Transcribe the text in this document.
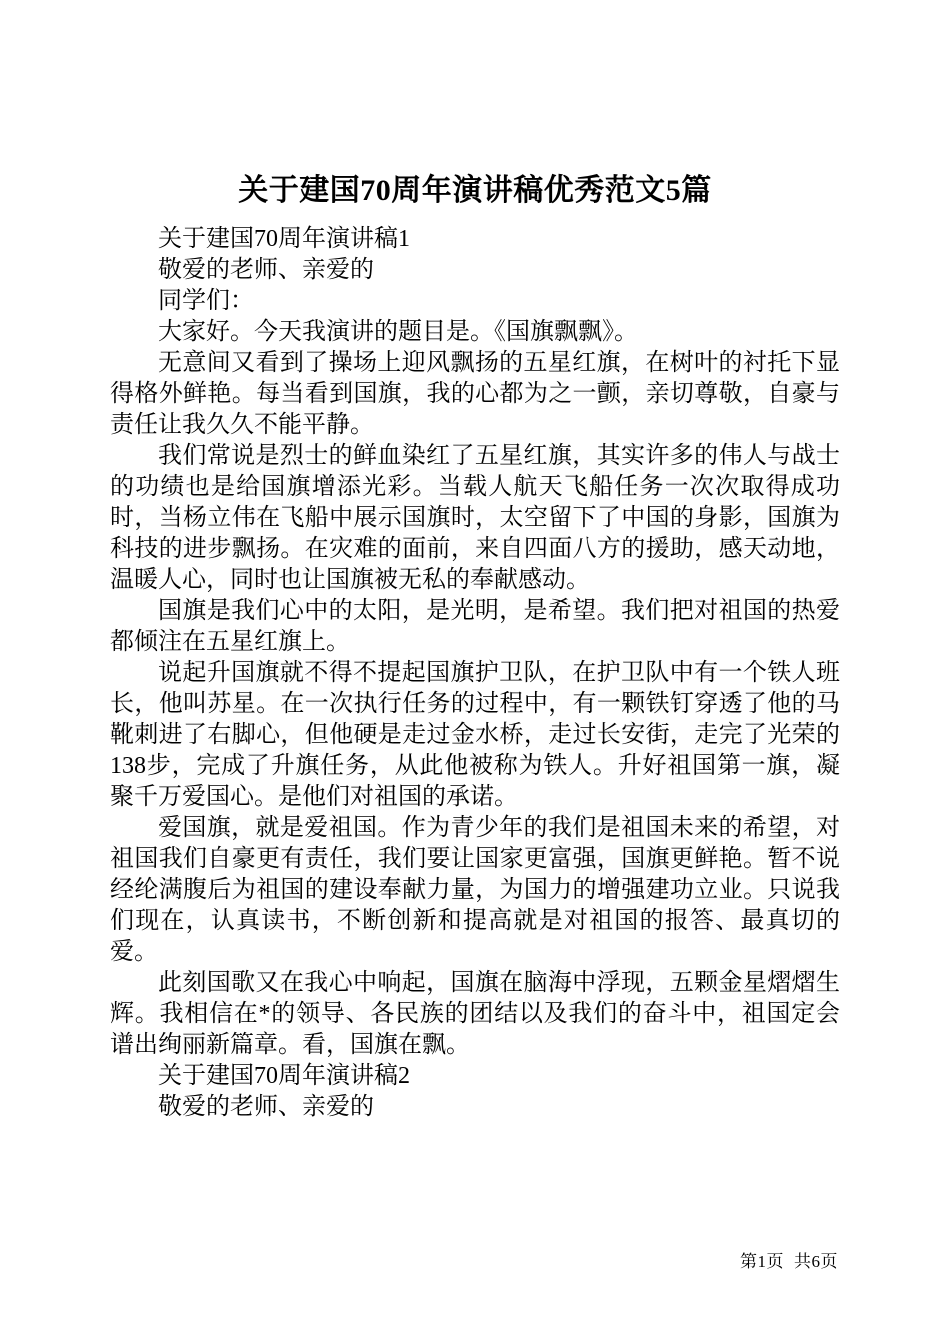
关于建国70周年演讲稿优秀范文5篇

关于建国70周年演讲稿1

敬爱的老师、亲爱的

同学们：

大家好。今天我演讲的题目是。《国旗飘飘》。

无意间又看到了操场上迎风飘扬的五星红旗，在树叶的衬托下显得格外鲜艳。每当看到国旗，我的心都为之一颤，亲切尊敬，自豪与责任让我久久不能平静。

我们常说是烈士的鲜血染红了五星红旗，其实许多的伟人与战士的功绩也是给国旗增添光彩。当载人航天飞船任务一次次取得成功时，当杨立伟在飞船中展示国旗时，太空留下了中国的身影，国旗为科技的进步飘扬。在灾难的面前，来自四面八方的援助，感天动地，温暖人心，同时也让国旗被无私的奉献感动。

国旗是我们心中的太阳，是光明，是希望。我们把对祖国的热爱都倾注在五星红旗上。

说起升国旗就不得不提起国旗护卫队，在护卫队中有一个铁人班长，他叫苏星。在一次执行任务的过程中，有一颗铁钉穿透了他的马靴刺进了右脚心，但他硬是走过金水桥，走过长安街，走完了光荣的138步，完成了升旗任务，从此他被称为铁人。升好祖国第一旗，凝聚千万爱国心。是他们对祖国的承诺。

爱国旗，就是爱祖国。作为青少年的我们是祖国未来的希望，对祖国我们自豪更有责任，我们要让国家更富强，国旗更鲜艳。暂不说经纶满腹后为祖国的建设奉献力量，为国力的增强建功立业。只说我们现在，认真读书，不断创新和提高就是对祖国的报答、最真切的爱。

此刻国歌又在我心中响起，国旗在脑海中浮现，五颗金星熠熠生辉。我相信在*的领导、各民族的团结以及我们的奋斗中，祖国定会谱出绚丽新篇章。看，国旗在飘。

关于建国70周年演讲稿2

敬爱的老师、亲爱的

第1页 共6页
